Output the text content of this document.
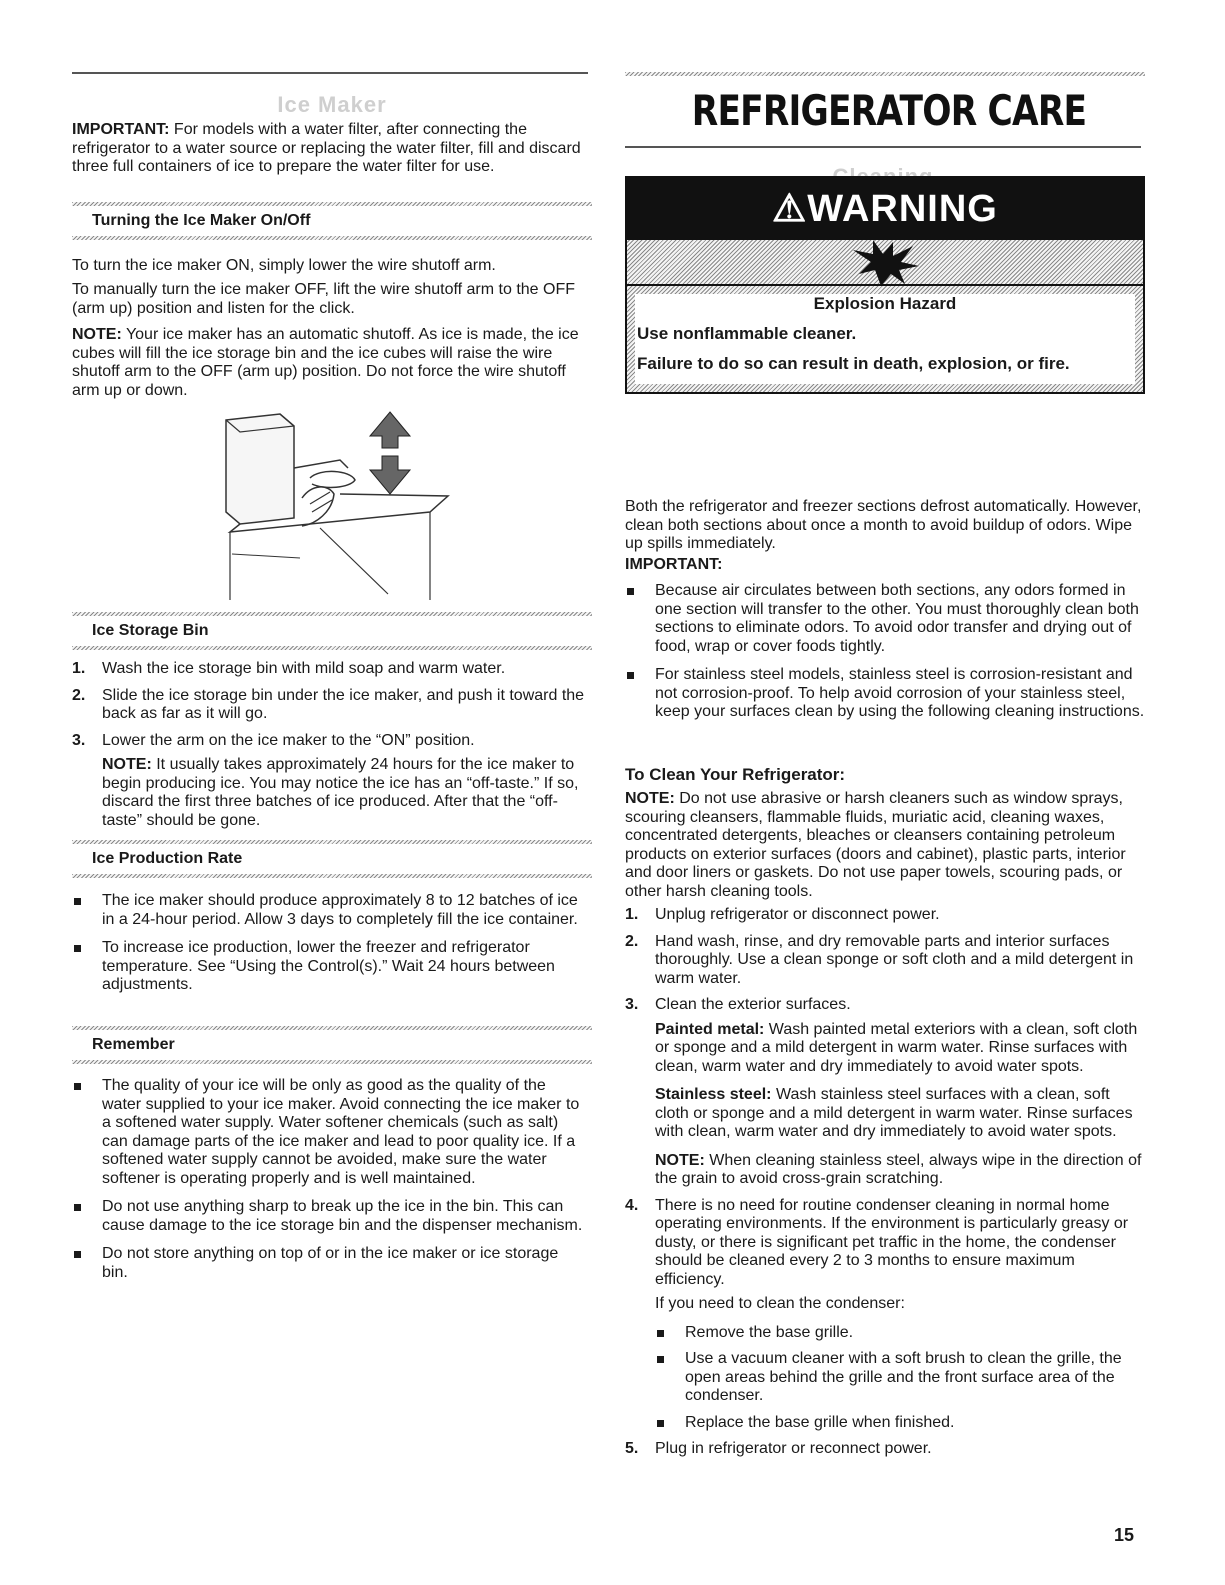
Ice Maker

IMPORTANT: For models with a water filter, after connecting the refrigerator to a water source or replacing the water filter, fill and discard three full containers of ice to prepare the water filter for use.

Turning the Ice Maker On/Off

To turn the ice maker ON, simply lower the wire shutoff arm.

To manually turn the ice maker OFF, lift the wire shutoff arm to the OFF (arm up) position and listen for the click.

NOTE: Your ice maker has an automatic shutoff. As ice is made, the ice cubes will fill the ice storage bin and the ice cubes will raise the wire shutoff arm to the OFF (arm up) position. Do not force the wire shutoff arm up or down.

Ice Storage Bin
1. Wash the ice storage bin with mild soap and warm water.
2. Slide the ice storage bin under the ice maker, and push it toward the back as far as it will go.
3. Lower the arm on the ice maker to the “ON” position.

NOTE: It usually takes approximately 24 hours for the ice maker to begin producing ice. You may notice the ice has an “off-taste.” If so, discard the first three batches of ice produced. After that the “off-taste” should be gone.

Ice Production Rate
The ice maker should produce approximately 8 to 12 batches of ice in a 24-hour period. Allow 3 days to completely fill the ice container.
To increase ice production, lower the freezer and refrigerator temperature. See “Using the Control(s).” Wait 24 hours between adjustments.
Remember
The quality of your ice will be only as good as the quality of the water supplied to your ice maker. Avoid connecting the ice maker to a softened water supply. Water softener chemicals (such as salt) can damage parts of the ice maker and lead to poor quality ice. If a softened water supply cannot be avoided, make sure the water softener is operating properly and is well maintained.
Do not use anything sharp to break up the ice in the bin. This can cause damage to the ice storage bin and the dispenser mechanism.
Do not store anything on top of or in the ice maker or ice storage bin.
REFRIGERATOR CARE
⚠WARNING
Explosion Hazard
Use nonflammable cleaner.
Failure to do so can result in death, explosion, or fire.

Both the refrigerator and freezer sections defrost automatically. However, clean both sections about once a month to avoid buildup of odors. Wipe up spills immediately.

IMPORTANT:

Because air circulates between both sections, any odors formed in one section will transfer to the other. You must thoroughly clean both sections to eliminate odors. To avoid odor transfer and drying out of food, wrap or cover foods tightly.
For stainless steel models, stainless steel is corrosion-resistant and not corrosion-proof. To help avoid corrosion of your stainless steel, keep your surfaces clean by using the following cleaning instructions.

To Clean Your Refrigerator:

NOTE: Do not use abrasive or harsh cleaners such as window sprays, scouring cleansers, flammable fluids, muriatic acid, cleaning waxes, concentrated detergents, bleaches or cleansers containing petroleum products on exterior surfaces (doors and cabinet), plastic parts, interior and door liners or gaskets. Do not use paper towels, scouring pads, or other harsh cleaning tools.

1. Unplug refrigerator or disconnect power.
2. Hand wash, rinse, and dry removable parts and interior surfaces thoroughly. Use a clean sponge or soft cloth and a mild detergent in warm water.
3. Clean the exterior surfaces.

Painted metal: Wash painted metal exteriors with a clean, soft cloth or sponge and a mild detergent in warm water. Rinse surfaces with clean, warm water and dry immediately to avoid water spots.

Stainless steel: Wash stainless steel surfaces with a clean, soft cloth or sponge and a mild detergent in warm water. Rinse surfaces with clean, warm water and dry immediately to avoid water spots.

NOTE: When cleaning stainless steel, always wipe in the direction of the grain to avoid cross-grain scratching.

4. There is no need for routine condenser cleaning in normal home operating environments. If the environment is particularly greasy or dusty, or there is significant pet traffic in the home, the condenser should be cleaned every 2 to 3 months to ensure maximum efficiency.

If you need to clean the condenser:

Remove the base grille.
Use a vacuum cleaner with a soft brush to clean the grille, the open areas behind the grille and the front surface area of the condenser.
Replace the base grille when finished.
5. Plug in refrigerator or reconnect power.
15
